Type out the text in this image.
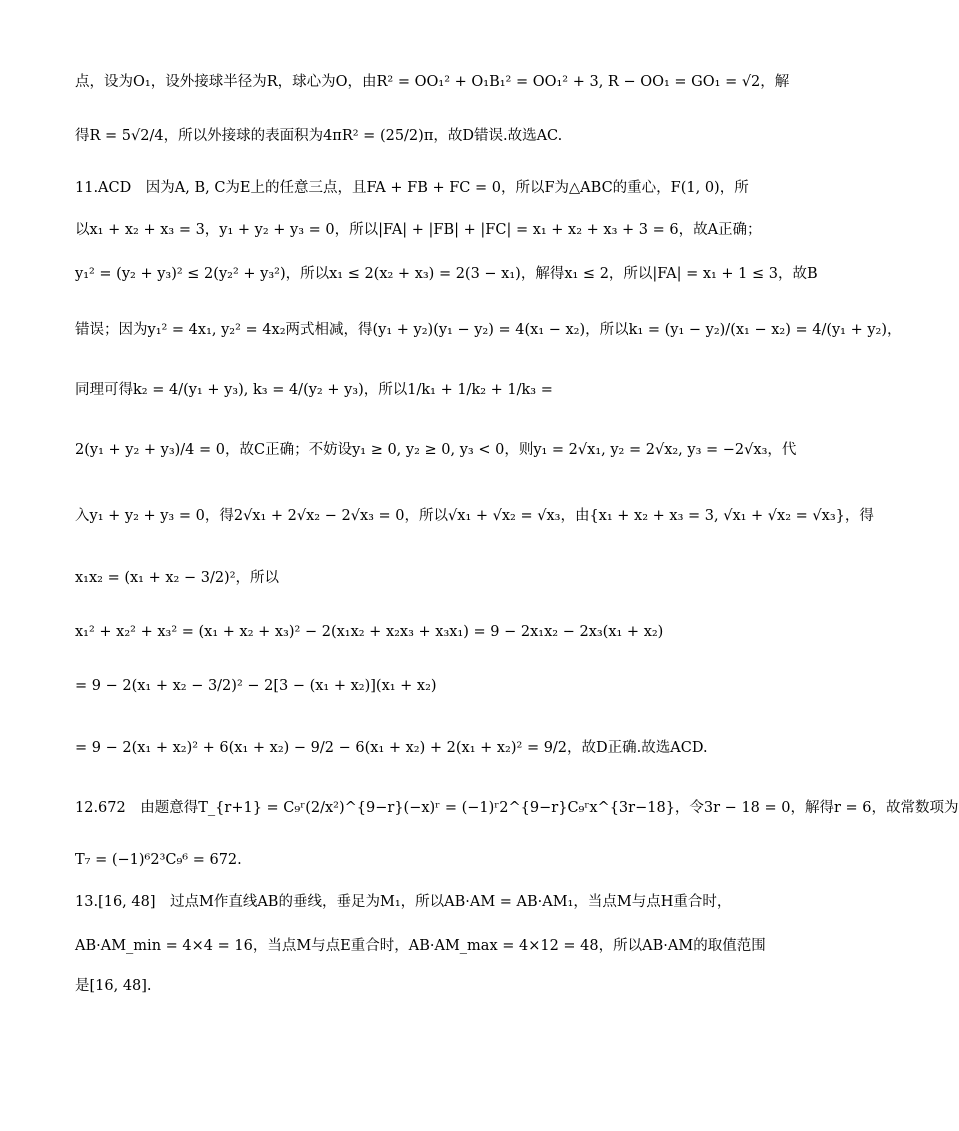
点，设为O₁，设外接球半径为R，球心为O，由R² = OO₁² + O₁B₁² = OO₁² + 3, R − OO₁ = GO₁ = √2，解
得R = 5√2/4，所以外接球的表面积为4πR² = (25/2)π，故D错误.故选AC.
11.ACD　因为A, B, C为E上的任意三点，且FA + FB + FC = 0，所以F为△ABC的重心，F(1, 0)，所
以x₁ + x₂ + x₃ = 3，y₁ + y₂ + y₃ = 0，所以|FA| + |FB| + |FC| = x₁ + x₂ + x₃ + 3 = 6，故A正确；
y₁² = (y₂ + y₃)² ≤ 2(y₂² + y₃²)，所以x₁ ≤ 2(x₂ + x₃) = 2(3 − x₁)，解得x₁ ≤ 2，所以|FA| = x₁ + 1 ≤ 3，故B
错误；因为y₁² = 4x₁, y₂² = 4x₂两式相减，得(y₁ + y₂)(y₁ − y₂) = 4(x₁ − x₂)，所以k₁ = (y₁ − y₂)/(x₁ − x₂) = 4/(y₁ + y₂)，
同理可得k₂ = 4/(y₁ + y₃), k₃ = 4/(y₂ + y₃)，所以1/k₁ + 1/k₂ + 1/k₃ =
2(y₁ + y₂ + y₃)/4 = 0，故C正确；不妨设y₁ ≥ 0, y₂ ≥ 0, y₃ < 0，则y₁ = 2√x₁, y₂ = 2√x₂, y₃ = −2√x₃，代
入y₁ + y₂ + y₃ = 0，得2√x₁ + 2√x₂ − 2√x₃ = 0，所以√x₁ + √x₂ = √x₃，由{x₁ + x₂ + x₃ = 3, √x₁ + √x₂ = √x₃}，得
x₁x₂ = (x₁ + x₂ − 3/2)²，所以
x₁² + x₂² + x₃² = (x₁ + x₂ + x₃)² − 2(x₁x₂ + x₂x₃ + x₃x₁) = 9 − 2x₁x₂ − 2x₃(x₁ + x₂)
= 9 − 2(x₁ + x₂ − 3/2)² − 2[3 − (x₁ + x₂)](x₁ + x₂)
= 9 − 2(x₁ + x₂)² + 6(x₁ + x₂) − 9/2 − 6(x₁ + x₂) + 2(x₁ + x₂)² = 9/2，故D正确.故选ACD.
12.672　由题意得T_{r+1} = C₉ʳ(2/x²)^{9−r}(−x)ʳ = (−1)ʳ2^{9−r}C₉ʳx^{3r−18}，令3r − 18 = 0，解得r = 6，故常数项为
T₇ = (−1)⁶2³C₉⁶ = 672.
13.[16, 48]　过点M作直线AB的垂线，垂足为M₁，所以AB·AM = AB·AM₁，当点M与点H重合时，
AB·AM_min = 4×4 = 16，当点M与点E重合时，AB·AM_max = 4×12 = 48，所以AB·AM的取值范围
是[16, 48].
